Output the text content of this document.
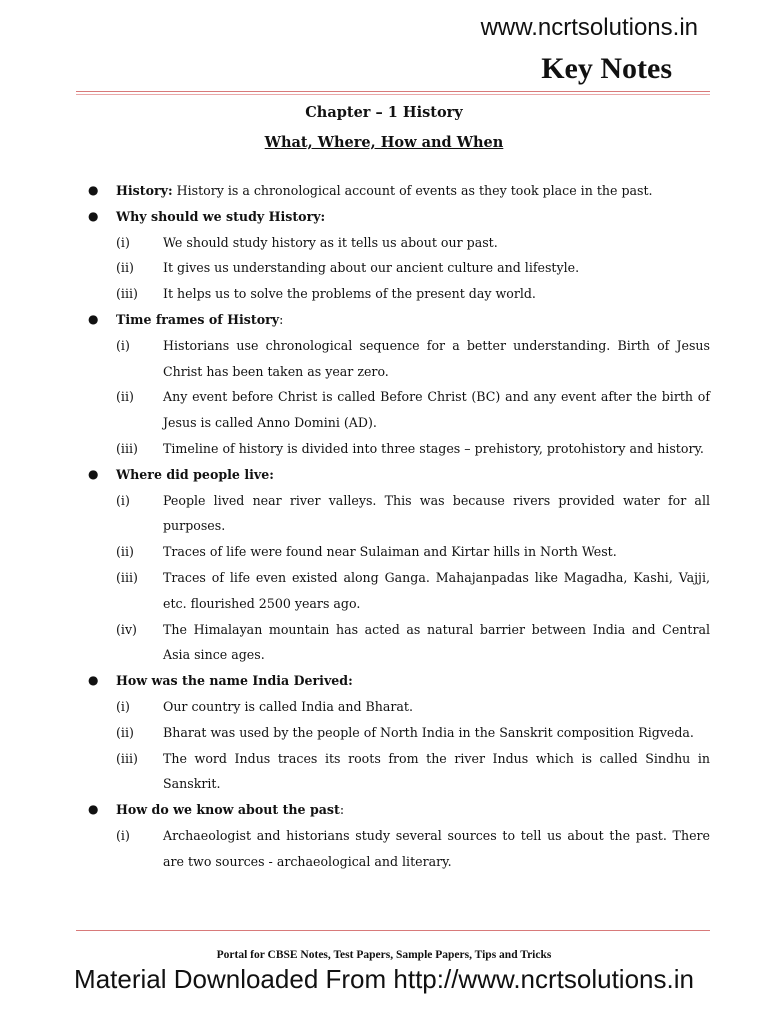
www.ncrtsolutions.in
Key Notes
Chapter – 1 History
What, Where, How and When
●	History: History is a chronological account of events as they took place in the past.
●	Why should we study History:
(i)	We should study history as it tells us about our past.
(ii)	It gives us understanding about our ancient culture and lifestyle.
(iii)	It helps us to solve the problems of the present day world.
●	Time frames of History:
(i)	Historians use chronological sequence for a better understanding. Birth of Jesus Christ has been taken as year zero.
(ii)	Any event before Christ is called Before Christ (BC) and any event after the birth of Jesus is called Anno Domini (AD).
(iii)	Timeline of history is divided into three stages – prehistory, protohistory and history.
●	Where did people live:
(i)	People lived near river valleys. This was because rivers provided water for all purposes.
(ii)	Traces of life were found near Sulaiman and Kirtar hills in North West.
(iii)	Traces of life even existed along Ganga. Mahajanpadas like Magadha, Kashi, Vajji, etc. flourished 2500 years ago.
(iv)	The Himalayan mountain has acted as natural barrier between India and Central Asia since ages.
●	How was the name India Derived:
(i)	Our country is called India and Bharat.
(ii)	Bharat was used by the people of North India in the Sanskrit composition Rigveda.
(iii)	The word Indus traces its roots from the river Indus which is called Sindhu in Sanskrit.
●	How do we know about the past:
(i)	Archaeologist and historians study several sources to tell us about the past. There are two sources - archaeological and literary.
Portal for CBSE Notes, Test Papers, Sample Papers, Tips and Tricks
Material Downloaded From http://www.ncrtsolutions.in
